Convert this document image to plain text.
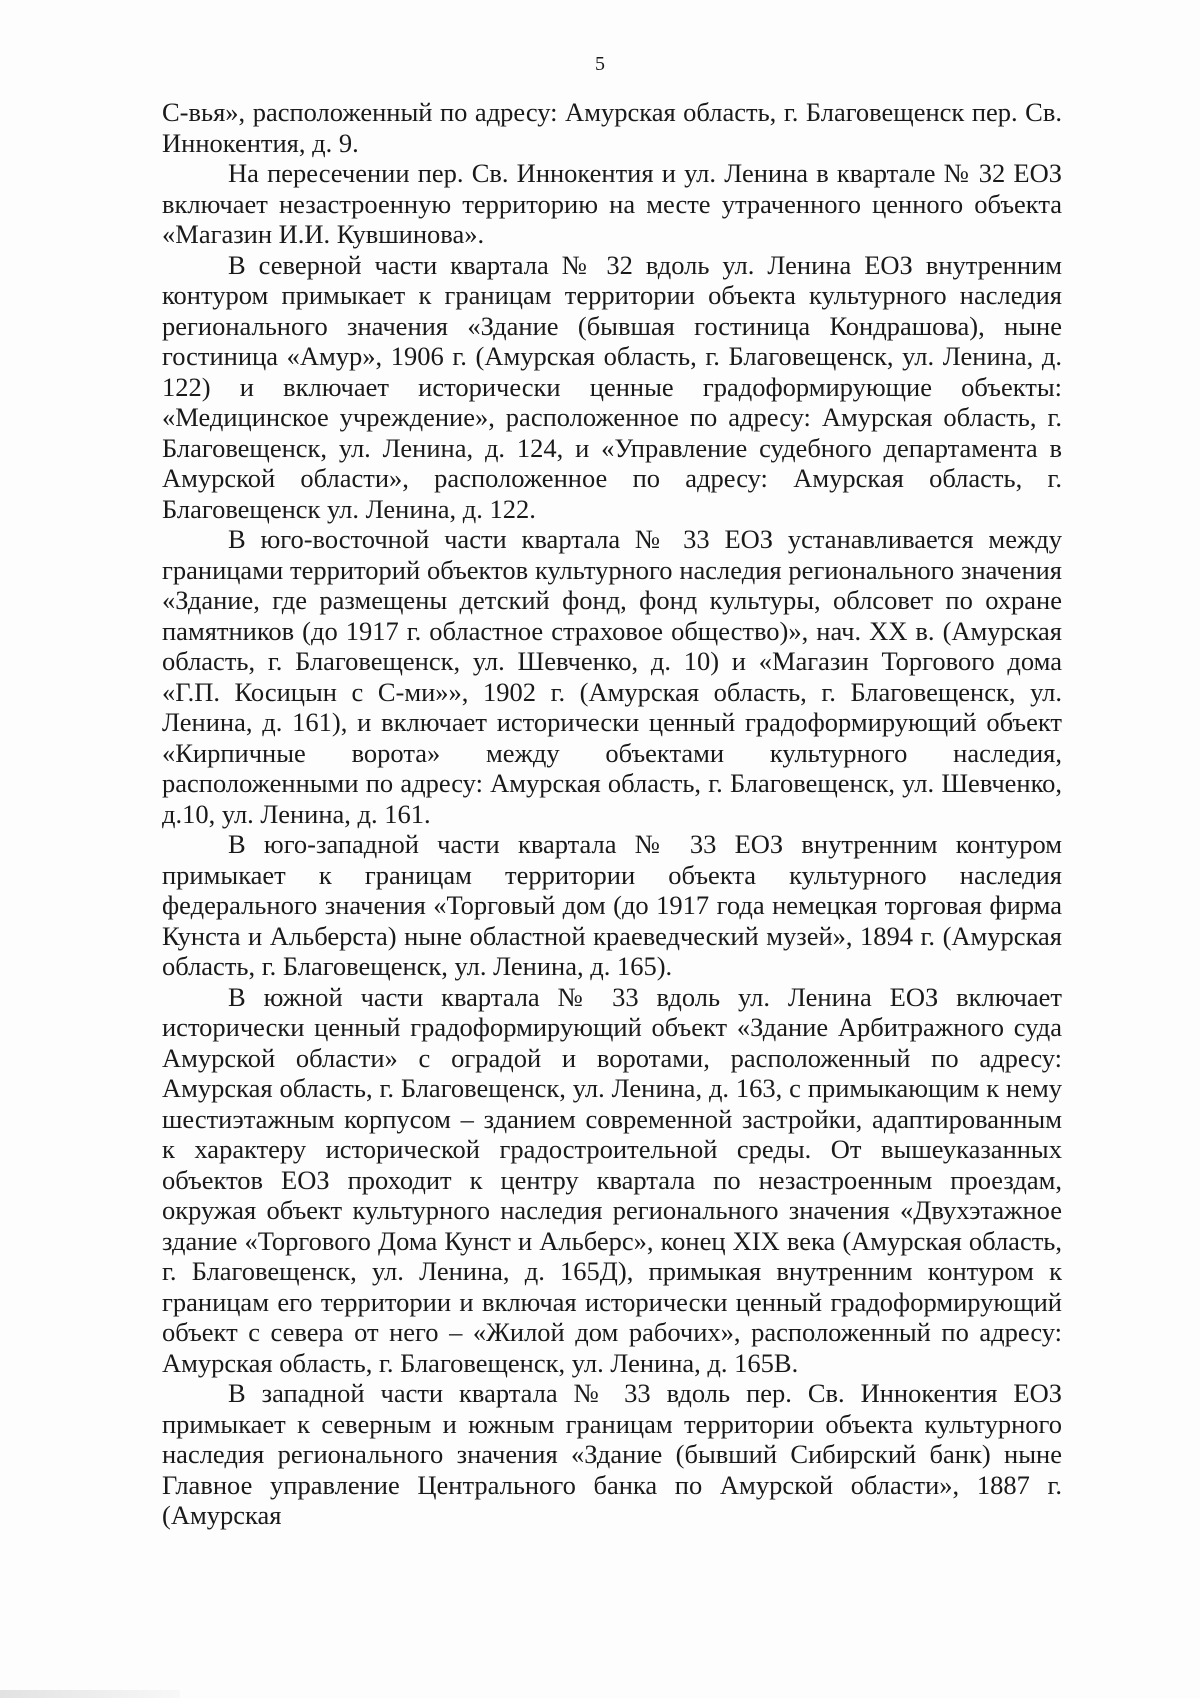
5

С-вья», расположенный по адресу: Амурская область, г. Благовещенск пер. Св. Иннокентия, д. 9.

На пересечении пер. Св. Иннокентия и ул. Ленина в квартале № 32 ЕОЗ включает незастроенную территорию на месте утраченного ценного объекта «Магазин И.И. Кувшинова».

В северной части квартала № 32 вдоль ул. Ленина ЕОЗ внутренним контуром примыкает к границам территории объекта культурного наследия регионального значения «Здание (бывшая гостиница Кондрашова), ныне гостиница «Амур», 1906 г. (Амурская область, г. Благовещенск, ул. Ленина, д. 122) и включает исторически ценные градоформирующие объекты: «Медицинское учреждение», расположенное по адресу: Амурская область, г. Благовещенск, ул. Ленина, д. 124, и «Управление судебного департамента в Амурской области», расположенное по адресу: Амурская область, г. Благовещенск ул. Ленина, д. 122.

В юго-восточной части квартала № 33 ЕОЗ устанавливается между границами территорий объектов культурного наследия регионального значения «Здание, где размещены детский фонд, фонд культуры, облсовет по охране памятников (до 1917 г. областное страховое общество)», нач. XX в. (Амурская область, г. Благовещенск, ул. Шевченко, д. 10) и «Магазин Торгового дома «Г.П. Косицын с С-ми»», 1902 г. (Амурская область, г. Благовещенск, ул. Ленина, д. 161), и включает исторически ценный градоформирующий объект «Кирпичные ворота» между объектами культурного наследия, расположенными по адресу: Амурская область, г. Благовещенск, ул. Шевченко, д.10, ул. Ленина, д. 161.

В юго-западной части квартала № 33 ЕОЗ внутренним контуром примыкает к границам территории объекта культурного наследия федерального значения «Торговый дом (до 1917 года немецкая торговая фирма Кунста и Альберста) ныне областной краеведческий музей», 1894 г. (Амурская область, г. Благовещенск, ул. Ленина, д. 165).

В южной части квартала № 33 вдоль ул. Ленина ЕОЗ включает исторически ценный градоформирующий объект «Здание Арбитражного суда Амурской области» с оградой и воротами, расположенный по адресу: Амурская область, г. Благовещенск, ул. Ленина, д. 163, с примыкающим к нему шестиэтажным корпусом – зданием современной застройки, адаптированным к характеру исторической градостроительной среды. От вышеуказанных объектов ЕОЗ проходит к центру квартала по незастроенным проездам, окружая объект культурного наследия регионального значения «Двухэтажное здание «Торгового Дома Кунст и Альберс», конец XIX века (Амурская область, г. Благовещенск, ул. Ленина, д. 165Д), примыкая внутренним контуром к границам его территории и включая исторически ценный градоформирующий объект с севера от него – «Жилой дом рабочих», расположенный по адресу: Амурская область, г. Благовещенск, ул. Ленина, д. 165В.

В западной части квартала № 33 вдоль пер. Св. Иннокентия ЕОЗ примыкает к северным и южным границам территории объекта культурного наследия регионального значения «Здание (бывший Сибирский банк) ныне Главное управление Центрального банка по Амурской области», 1887 г. (Амурская
